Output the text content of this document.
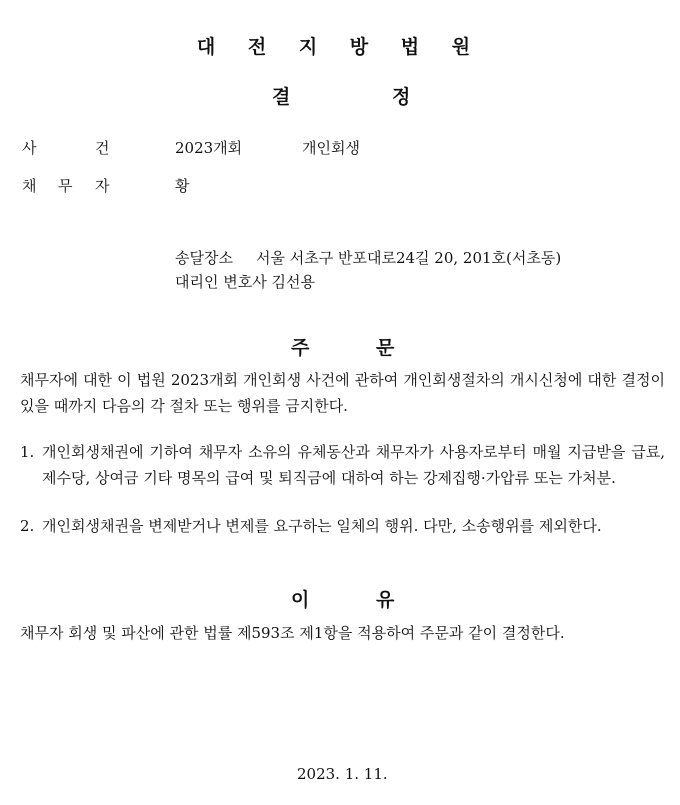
대 전 지 방 법 원
결	정
사	건	2023개회	개인회생
채 무 자	황
송달장소 서울 서초구 반포대로24길 20, 201호(서초동)
대리인 변호사 김선용
주	문
채무자에 대한 이 법원 2023개회 개인회생 사건에 관하여 개인회생절차의 개시신청에 대한 결정이 있을 때까지 다음의 각 절차 또는 행위를 금지한다.
1. 개인회생채권에 기하여 채무자 소유의 유체동산과 채무자가 사용자로부터 매월 지급받을 급료, 제수당, 상여금 기타 명목의 급여 및 퇴직금에 대하여 하는 강제집행·가압류 또는 가처분.
2. 개인회생채권을 변제받거나 변제를 요구하는 일체의 행위. 다만, 소송행위를 제외한다.
이	유
채무자 회생 및 파산에 관한 법률 제593조 제1항을 적용하여 주문과 같이 결정한다.
2023. 1. 11.
